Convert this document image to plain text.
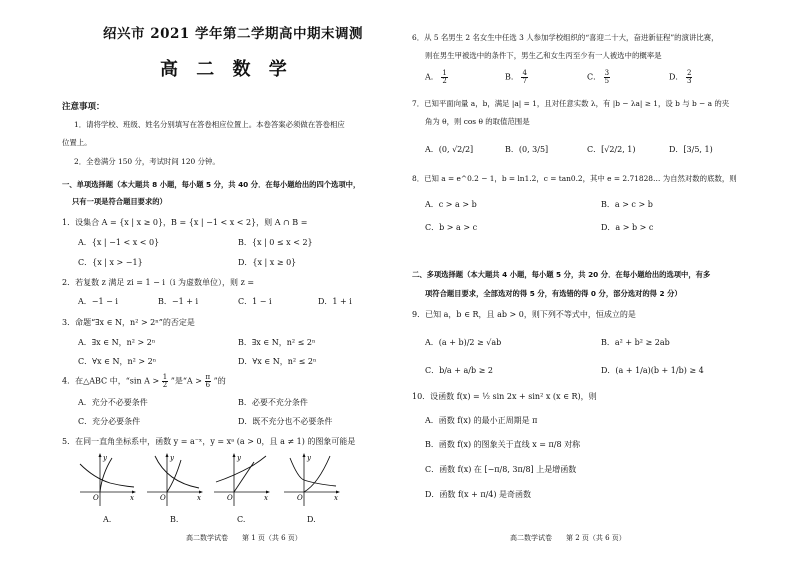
绍兴市 2021 学年第二学期高中期末调测
高 二 数 学
注意事项：
1．请将学校、班级、姓名分别填写在答卷相应位置上。本卷答案必须做在答卷相应
位置上。
2．全卷满分 150 分，考试时间 120 分钟。
一、单项选择题（本大题共 8 小题，每小题 5 分，共 40 分．在每小题给出的四个选项中，
只有一项是符合题目要求的）
1．设集合 A = {x | x ≥ 0}，B = {x | −1 < x < 2}，则 A ∩ B =
A．{x | −1 < x < 0}	B．{x | 0 ≤ x < 2}
C．{x | x > −1}	D．{x | x ≥ 0}
2．若复数 z 满足 zi = 1 − i（i 为虚数单位），则 z =
A．−1 − i	B．−1 + i	C．1 − i	D．1 + i
3．命题“∃x ∈ N，n² > 2ⁿ”的否定是
A．∃x ∈ N，n² > 2ⁿ	B．∃x ∈ N，n² ≤ 2ⁿ
C．∀x ∈ N，n² > 2ⁿ	D．∀x ∈ N，n² ≤ 2ⁿ
4．在△ABC 中，“sin $A > \frac{1}{2}$ ”是“$A > \frac{\pi}{6}$ ”的
A．充分不必要条件	B．必要不充分条件
C．充分必要条件	D．既不充分也不必要条件
5．在同一直角坐标系中，函数 y = a⁻ˣ，y = xᵃ (a > 0，且 a ≠ 1) 的图象可能是
O	x
y
O	x
y
O	x
y
O	x
y
A.	B.	C.	D.
高二数学试卷　　第 1 页（共 6 页）
6．从 5 名男生 2 名女生中任选 3 人参加学校组织的“喜迎二十大，奋进新征程”的演讲比赛，
则在男生甲被选中的条件下，男生乙和女生丙至少有一人被选中的概率是
A． $\frac{1}{2}$	B． $\frac{4}{7}$	C． $\frac{3}{5}$	D． $\frac{2}{3}$
7．已知平面向量 a，b，满足 |a| = 1，且对任意实数 λ，有 |b − λa| ≥ 1，设 b 与 b − a 的夹
角为 θ，则 cos θ 的取值范围是
A．(0, √2/2]	B．(0, 3/5]	C．[√2/2, 1)	D．[3/5, 1)
8．已知 a = e^0.2 − 1，b = ln1.2，c = tan0.2，其中 e = 2.71828… 为自然对数的底数，则
A．c > a > b	B．a > c > b
C．b > a > c	D．a > b > c
二、多项选择题（本大题共 4 小题，每小题 5 分，共 20 分．在每小题给出的选项中，有多
项符合题目要求，全部选对的得 5 分，有选错的得 0 分，部分选对的得 2 分）
9．已知 a，b ∈ R，且 ab > 0，则下列不等式中，恒成立的是
A．(a + b)/2 ≥ √ab	B．a² + b² ≥ 2ab
C．b/a + a/b ≥ 2	D．(a + 1/a)(b + 1/b) ≥ 4
10．设函数 f(x) = ½ sin 2x + sin² x (x ∈ R)，则
A．函数 f(x) 的最小正周期是 π
B．函数 f(x) 的图象关于直线 x = π/8 对称
C．函数 f(x) 在 [−π/8, 3π/8] 上是增函数
D．函数 f(x + π/4) 是奇函数
高二数学试卷　　第 2 页（共 6 页）
